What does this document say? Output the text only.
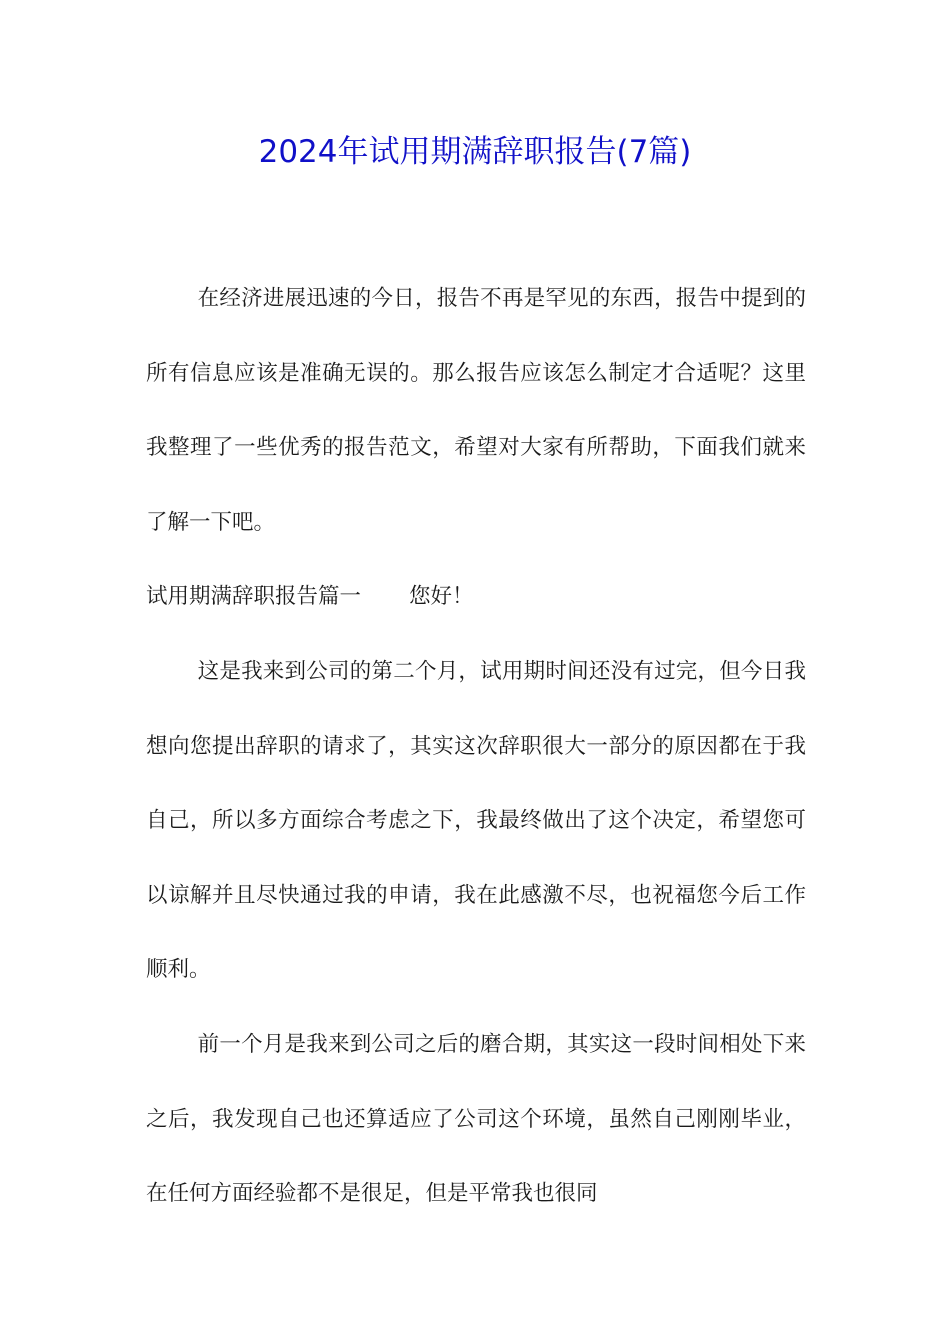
2024年试用期满辞职报告(7篇)

在经济进展迅速的今日，报告不再是罕见的东西，报告中提到的所有信息应该是准确无误的。那么报告应该怎么制定才合适呢？这里我整理了一些优秀的报告范文，希望对大家有所帮助，下面我们就来了解一下吧。

试用期满辞职报告篇一 您好！

这是我来到公司的第二个月，试用期时间还没有过完，但今日我想向您提出辞职的请求了，其实这次辞职很大一部分的原因都在于我自己，所以多方面综合考虑之下，我最终做出了这个决定，希望您可以谅解并且尽快通过我的申请，我在此感激不尽，也祝福您今后工作顺利。

前一个月是我来到公司之后的磨合期，其实这一段时间相处下来之后，我发现自己也还算适应了公司这个环境，虽然自己刚刚毕业，在任何方面经验都不是很足，但是平常我也很同
